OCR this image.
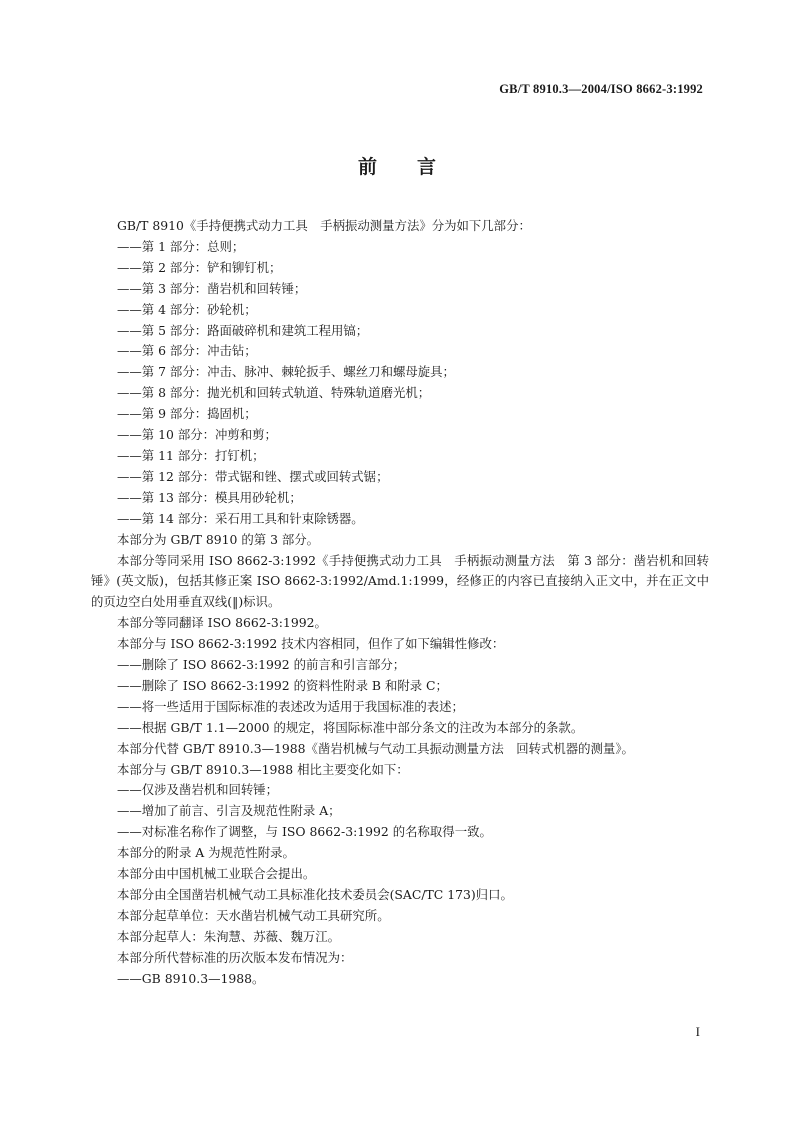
GB/T 8910.3—2004/ISO 8662-3:1992
前言

GB/T 8910《手持便携式动力工具　手柄振动测量方法》分为如下几部分：

——第 1 部分：总则；

——第 2 部分：铲和铆钉机；

——第 3 部分：凿岩机和回转锤；

——第 4 部分：砂轮机；

——第 5 部分：路面破碎机和建筑工程用镐；

——第 6 部分：冲击钻；

——第 7 部分：冲击、脉冲、棘轮扳手、螺丝刀和螺母旋具；

——第 8 部分：抛光机和回转式轨道、特殊轨道磨光机；

——第 9 部分：捣固机；

——第 10 部分：冲剪和剪；

——第 11 部分：打钉机；

——第 12 部分：带式锯和锉、摆式或回转式锯；

——第 13 部分：模具用砂轮机；

——第 14 部分：采石用工具和针束除锈器。

本部分为 GB/T 8910 的第 3 部分。

本部分等同采用 ISO 8662-3:1992《手持便携式动力工具　手柄振动测量方法　第 3 部分：凿岩机和回转锤》(英文版)，包括其修正案 ISO 8662-3:1992/Amd.1:1999，经修正的内容已直接纳入正文中，并在正文中的页边空白处用垂直双线(‖)标识。

本部分等同翻译 ISO 8662-3:1992。

本部分与 ISO 8662-3:1992 技术内容相同，但作了如下编辑性修改：

——删除了 ISO 8662-3:1992 的前言和引言部分；

——删除了 ISO 8662-3:1992 的资料性附录 B 和附录 C；

——将一些适用于国际标准的表述改为适用于我国标准的表述；

——根据 GB/T 1.1—2000 的规定，将国际标准中部分条文的注改为本部分的条款。

本部分代替 GB/T 8910.3—1988《凿岩机械与气动工具振动测量方法　回转式机器的测量》。

本部分与 GB/T 8910.3—1988 相比主要变化如下：

——仅涉及凿岩机和回转锤；

——增加了前言、引言及规范性附录 A；

——对标准名称作了调整，与 ISO 8662-3:1992 的名称取得一致。

本部分的附录 A 为规范性附录。

本部分由中国机械工业联合会提出。

本部分由全国凿岩机械气动工具标准化技术委员会(SAC/TC 173)归口。

本部分起草单位：天水凿岩机械气动工具研究所。

本部分起草人：朱洵慧、苏薇、魏万江。

本部分所代替标准的历次版本发布情况为：

——GB 8910.3—1988。

I
